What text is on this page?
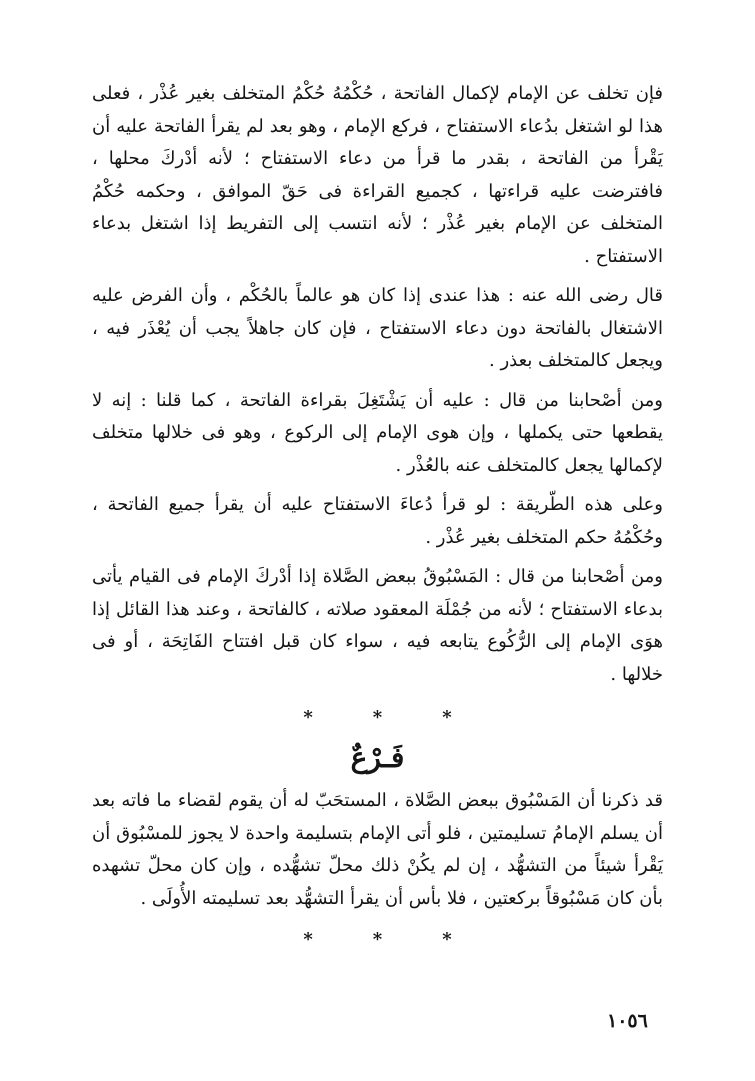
فإن تخلف عن الإمام لإكمال الفاتحة ، حُكْمُهُ حُكْمُ المتخلف بغير عُذْر ، فعلى هذا لو اشتغل بدُعاء الاستفتاح ، فركع الإمام ، وهو بعد لم يقرأ الفاتحة عليه أن يَقْرأ من الفاتحة ، بقدر ما قرأ من دعاء الاستفتاح ؛ لأنه أدْركَ محلها ، فافترضت عليه قراءتها ، كجميع القراءة فى حَقّ الموافق ، وحكمه حُكْمُ المتخلف عن الإمام بغير عُذْر ؛ لأنه انتسب إلى التفريط إذا اشتغل بدعاء الاستفتاح .

قال رضى الله عنه : هذا عندى إذا كان هو عالماً بالحُكْم ، وأن الفرض عليه الاشتغال بالفاتحة دون دعاء الاستفتاح ، فإن كان جاهلاً يجب أن يُعْذَر فيه ، ويجعل كالمتخلف بعذر .

ومن أصْحابنا من قال : عليه أن يَشْتَغِلَ بقراءة الفاتحة ، كما قلنا : إنه لا يقطعها حتى يكملها ، وإن هوى الإمام إلى الركوع ، وهو فى خلالها متخلف لإكمالها يجعل كالمتخلف عنه بالعُذْر .

وعلى هذه الطّريقة : لو قرأ دُعاءَ الاستفتاح عليه أن يقرأ جميع الفاتحة ، وحُكْمُهُ حكم المتخلف بغير عُذْر .

ومن أصْحابنا من قال : المَسْبُوقُ ببعض الصَّلاة إذا أدْركَ الإمام فى القيام يأتى بدعاء الاستفتاح ؛ لأنه من جُمْلَة المعقود صلاته ، كالفاتحة ، وعند هذا القائل إذا هوَى الإمام إلى الرُّكُوع يتابعه فيه ، سواء كان قبل افتتاح الفَاتِحَة ، أو فى خلالها .

*
*
*
فَـرْعٌ

قد ذكرنا أن المَسْبُوق ببعض الصَّلاة ، المستحَبّ له أن يقوم لقضاء ما فاته بعد أن يسلم الإمامُ تسليمتين ، فلو أتى الإمام بتسليمة واحدة لا يجوز للمسْبُوق أن يَقْرأ شيئاً من التشهُّد ، إن لم يكُنْ ذلك محلّ تشهُّده ، وإن كان محلّ تشهده بأن كان مَسْبُوقاً بركعتين ، فلا بأس أن يقرأ التشهُّد بعد تسليمته الأُولَى .

*
*
*
١٠٥٦
